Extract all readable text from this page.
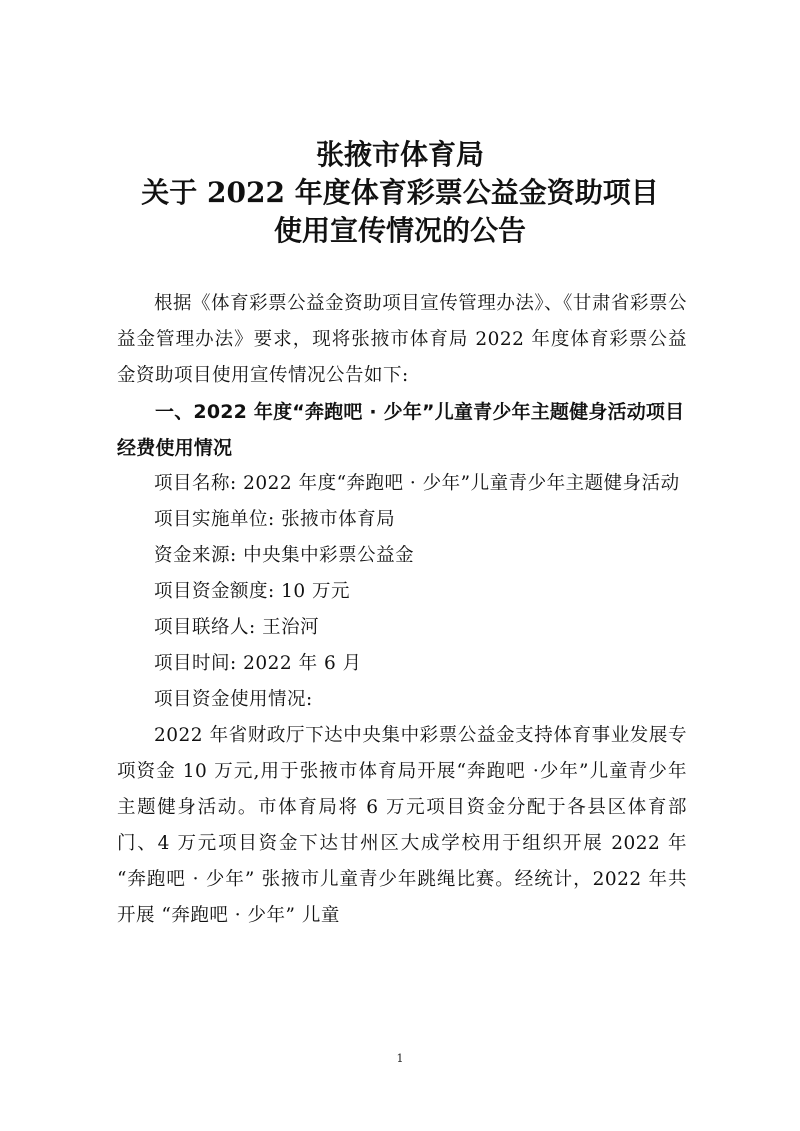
张掖市体育局
关于 2022 年度体育彩票公益金资助项目
使用宣传情况的公告

根据《体育彩票公益金资助项目宣传管理办法》、《甘肃省彩票公益金管理办法》要求，现将张掖市体育局 2022 年度体育彩票公益金资助项目使用宣传情况公告如下:

一、2022 年度“奔跑吧 · 少年”儿童青少年主题健身活动项目经费使用情况

项目名称: 2022 年度“奔跑吧 · 少年”儿童青少年主题健身活动

项目实施单位: 张掖市体育局

资金来源: 中央集中彩票公益金

项目资金额度: 10 万元

项目联络人: 王治河

项目时间: 2022 年 6 月

项目资金使用情况:

2022 年省财政厅下达中央集中彩票公益金支持体育事业发展专项资金 10 万元,用于张掖市体育局开展“奔跑吧 ·少年”儿童青少年主题健身活动。市体育局将 6 万元项目资金分配于各县区体育部门、4 万元项目资金下达甘州区大成学校用于组织开展 2022 年 “奔跑吧 · 少年” 张掖市儿童青少年跳绳比赛。经统计，2022 年共开展 “奔跑吧 · 少年” 儿童

1
